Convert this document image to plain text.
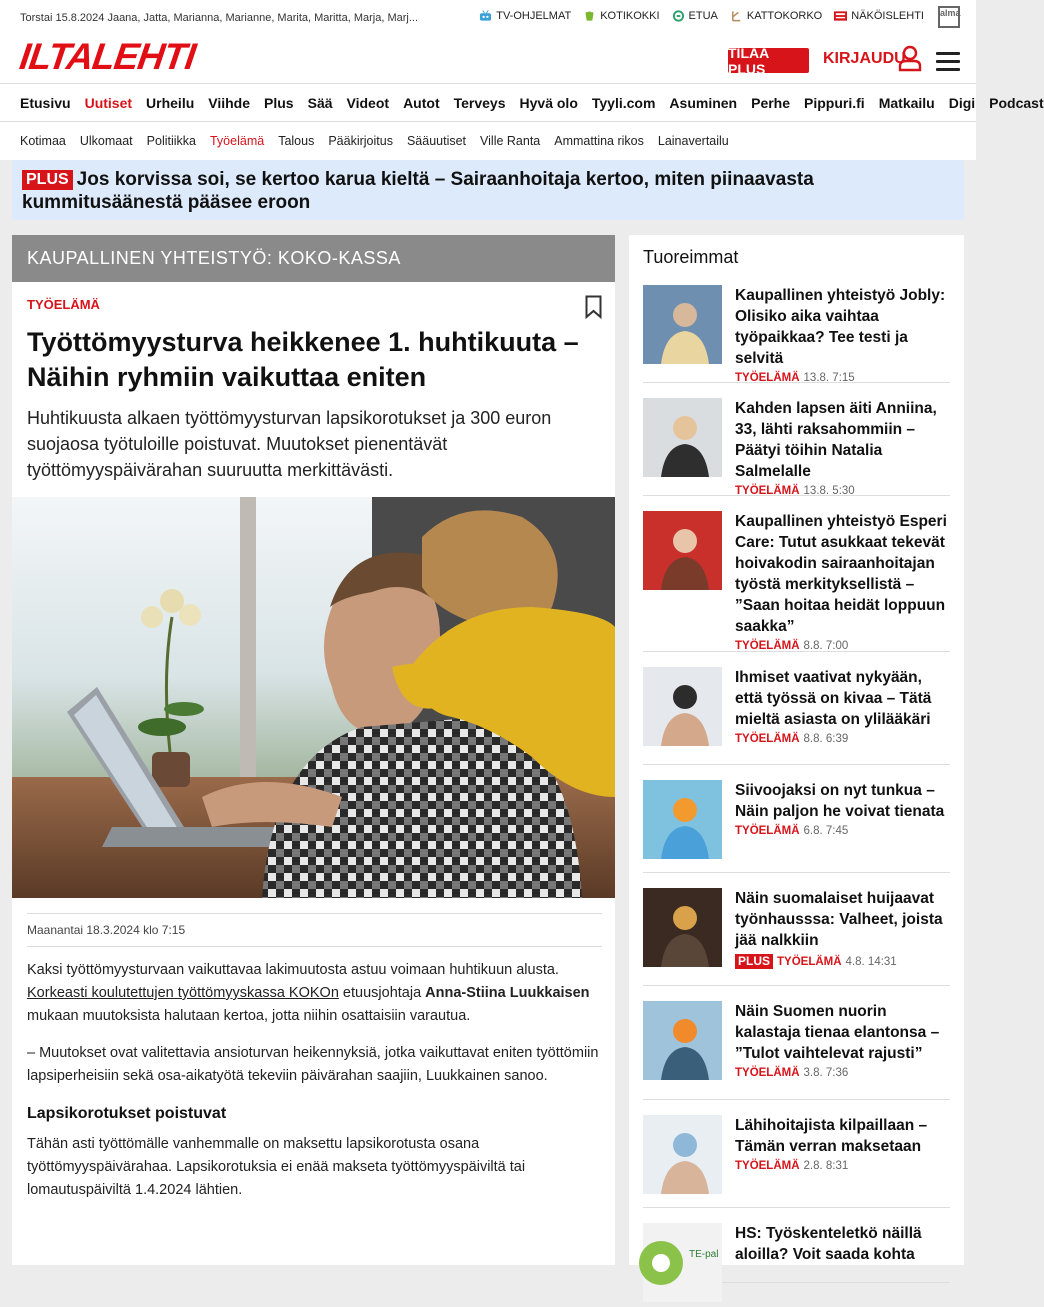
Torstai 15.8.2024 Jaana, Jatta, Marianna, Marianne, Marita, Maritta, Marja, Marj...	TV-OHJELMAT	KOTIKOKKI	ETUA	KATTOKORKO	NÄKÖISLEHTI alma
ILTALEHTI	TILAA PLUS
KIRJAUDU
Etusivu Uutiset Urheilu Viihde Plus Sää Videot Autot Terveys Hyvä olo Tyyli.com Asuminen Perhe Pippuri.fi Matkailu Digi Podcast
Kotimaa Ulkomaat Politiikka Työelämä Talous Pääkirjoitus Sääuutiset Ville Ranta Ammattina rikos Lainavertailu
PLUS Jos korvissa soi, se kertoo karua kieltä – Sairaanhoitaja kertoo, miten piinaavasta kummitusäänestä pääsee eroon
KAUPALLINEN YHTEISTYÖ: KOKO-KASSA
TYÖELÄMÄ
Työttömyysturva heikkenee 1. huhtikuuta – Näihin ryhmiin vaikuttaa eniten
Huhtikuusta alkaen työttömyysturvan lapsikorotukset ja 300 euron suojaosa työtuloille poistuvat. Muutokset pienentävät työttömyyspäivärahan suuruutta merkittävästi.
Maanantai 18.3.2024 klo 7:15

Kaksi työttömyysturvaan vaikuttavaa lakimuutosta astuu voimaan huhtikuun alusta. Korkeasti koulutettujen työttömyyskassa KOKOn etuusjohtaja Anna-Stiina Luukkaisen mukaan muutoksista halutaan kertoa, jotta niihin osattaisiin varautua.

– Muutokset ovat valitettavia ansioturvan heikennyksiä, jotka vaikuttavat eniten työttömiin lapsiperheisiin sekä osa-aikatyötä tekeviin päivärahan saajiin, Luukkainen sanoo.

Lapsikorotukset poistuvat

Tähän asti työttömälle vanhemmalle on maksettu lapsikorotusta osana työttömyyspäivärahaa. Lapsikorotuksia ei enää makseta työttömyyspäiviltä tai lomautuspäiviltä 1.4.2024 lähtien.

Tuoreimmat
Kaupallinen yhteistyö Jobly: Olisiko aika vaihtaa työpaikkaa? Tee testi ja selvitä
TYÖELÄMÄ 13.8. 7:15
Kahden lapsen äiti Anniina, 33, lähti raksahommiin – Päätyi töihin Natalia Salmelalle
TYÖELÄMÄ 13.8. 5:30
Kaupallinen yhteistyö Esperi Care: Tutut asukkaat tekevät hoivakodin sairaanhoitajan työstä merkityksellistä – ”Saan hoitaa heidät loppuun saakka”
TYÖELÄMÄ 8.8. 7:00
Ihmiset vaativat nykyään, että työssä on kivaa – Tätä mieltä asiasta on ylilääkäri
TYÖELÄMÄ 8.8. 6:39
Siivoojaksi on nyt tunkua – Näin paljon he voivat tienata
TYÖELÄMÄ 6.8. 7:45
Näin suomalaiset huijaavat työnhausssa: Valheet, joista jää nalkkiin
PLUS TYÖELÄMÄ 4.8. 14:31
Näin Suomen nuorin kalastaja tienaa elantonsa – ”Tulot vaihtelevat rajusti”
TYÖELÄMÄ 3.8. 7:36
Lähihoitajista kilpaillaan – Tämän verran maksetaan
TYÖELÄMÄ 2.8. 8:31
TE-pal
HS: Työskenteletkö näillä aloilla? Voit saada kohta
